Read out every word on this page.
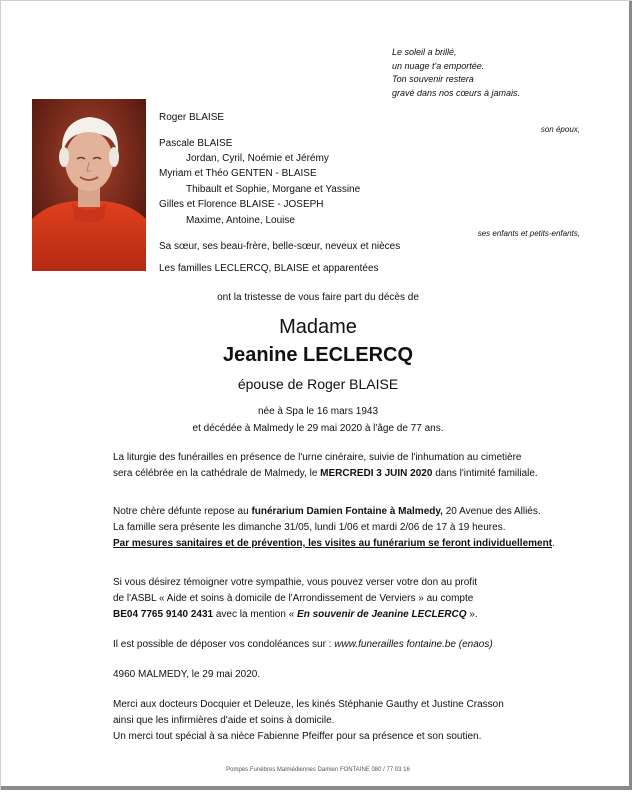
Le soleil a brillé,
un nuage t'a emportée.
Ton souvenir restera
gravé dans nos cœurs à jamais.
Roger BLAISE
son époux,
Pascale BLAISE
Jordan, Cyril, Noémie et Jérémy
Myriam et Théo GENTEN - BLAISE
Thibault et Sophie, Morgane et Yassine
Gilles et Florence BLAISE - JOSEPH
Maxime, Antoine, Louise
ses enfants et petits-enfants,
Sa sœur, ses beau-frère, belle-sœur, neveux et nièces
Les familles LECLERCQ, BLAISE et apparentées
ont la tristesse de vous faire part du décès de
Madame
Jeanine LECLERCQ
épouse de Roger BLAISE
née à Spa le 16 mars 1943
et décédée à Malmedy le 29 mai 2020 à l'âge de 77 ans.
La liturgie des funérailles en présence de l'urne cinéraire, suivie de l'inhumation au cimetière
sera célébrée en la cathédrale de Malmedy, le MERCREDI 3 JUIN 2020 dans l'intimité familiale.
Notre chère défunte repose au funérarium Damien Fontaine à Malmedy, 20 Avenue des Alliés.
La famille sera présente les dimanche 31/05, lundi 1/06 et mardi 2/06 de 17 à 19 heures.
Par mesures sanitaires et de prévention, les visites au funérarium se feront individuellement.
Si vous désirez témoigner votre sympathie, vous pouvez verser votre don au profit
de l'ASBL « Aide et soins à domicile de l'Arrondissement de Verviers » au compte
BE04 7765 9140 2431 avec la mention « En souvenir de Jeanine LECLERCQ ».
Il est possible de déposer vos condoléances sur : www.funerailles fontaine.be (enaos)
4960 MALMEDY, le 29 mai 2020.
Merci aux docteurs Docquier et Deleuze, les kinés Stéphanie Gauthy et Justine Crasson
ainsi que les infirmières d'aide et soins à domicile.
Un merci tout spécial à sa nièce Fabienne Pfeiffer pour sa présence et son soutien.
Pompes Funèbres Malmédiennes Damien FONTAINE 080 / 77 03 16
